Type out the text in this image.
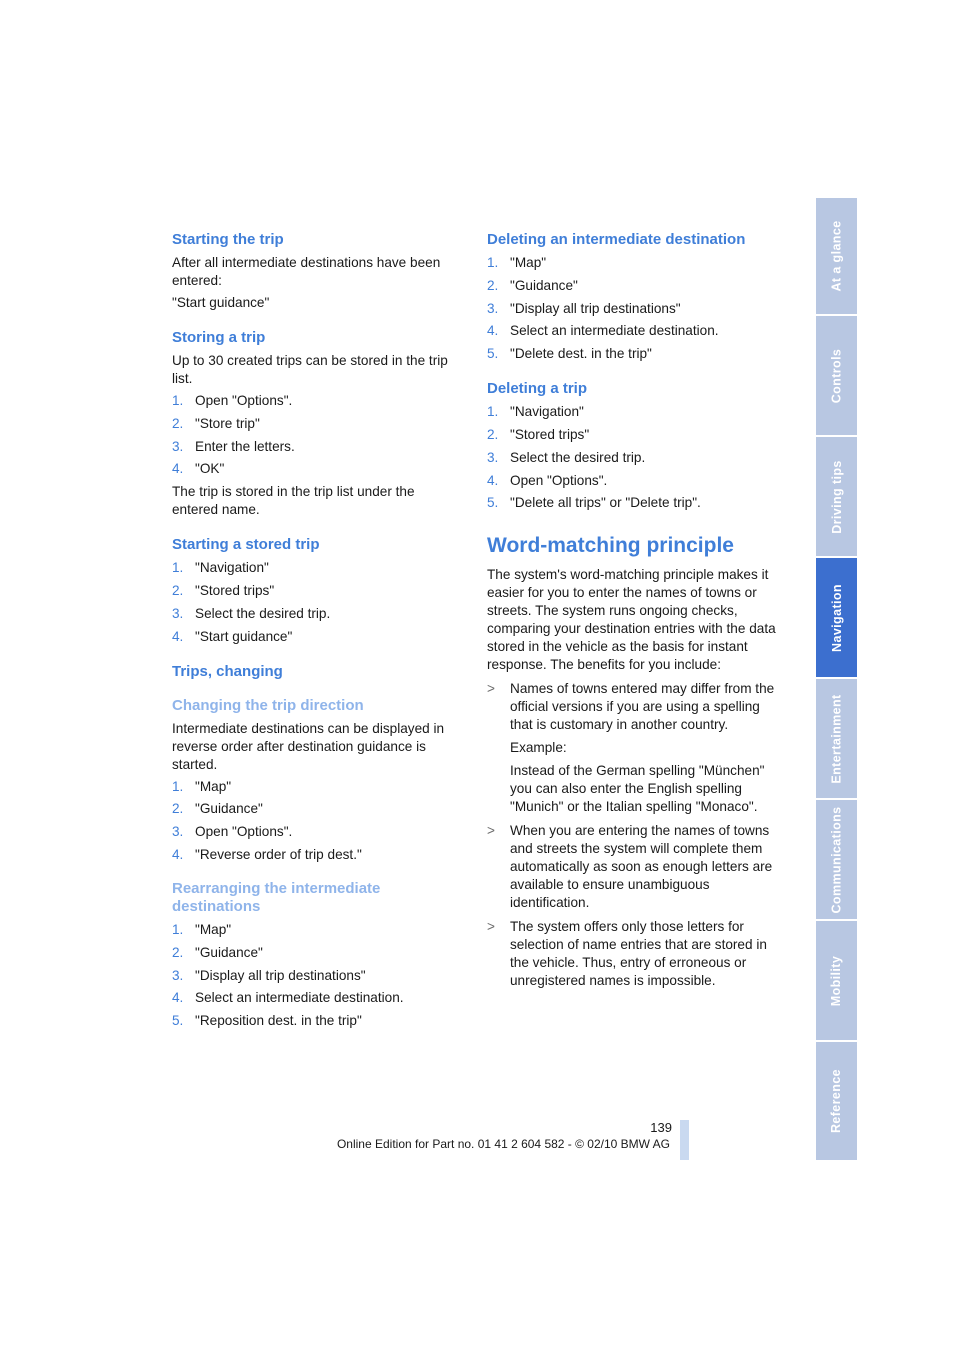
Starting the trip

After all intermediate destinations have been entered:

"Start guidance"

Storing a trip

Up to 30 created trips can be stored in the trip list.

1. Open "Options".
2. "Store trip"
3. Enter the letters.
4. "OK"

The trip is stored in the trip list under the entered name.

Starting a stored trip
1. "Navigation"
2. "Stored trips"
3. Select the desired trip.
4. "Start guidance"
Trips, changing
Changing the trip direction

Intermediate destinations can be displayed in reverse order after destination guidance is started.

1. "Map"
2. "Guidance"
3. Open "Options".
4. "Reverse order of trip dest."
Rearranging the intermediate
destinations
1. "Map"
2. "Guidance"
3. "Display all trip destinations"
4. Select an intermediate destination.
5. "Reposition dest. in the trip"
Deleting an intermediate destination
1. "Map"
2. "Guidance"
3. "Display all trip destinations"
4. Select an intermediate destination.
5. "Delete dest. in the trip"
Deleting a trip
1. "Navigation"
2. "Stored trips"
3. Select the desired trip.
4. Open "Options".
5. "Delete all trips" or "Delete trip".
Word-matching principle

The system's word-matching principle makes it easier for you to enter the names of towns or streets. The system runs ongoing checks, comparing your destination entries with the data stored in the vehicle as the basis for instant response. The benefits for you include:

> Names of towns entered may differ from the official versions if you are using a spelling that is customary in another country.
Example:
Instead of the German spelling "München" you can also enter the English spelling "Munich" or the Italian spelling "Monaco".
> When you are entering the names of towns and streets the system will complete them automatically as soon as enough letters are available to ensure unambiguous identification.
> The system offers only those letters for selection of name entries that are stored in the vehicle. Thus, entry of erroneous or unregistered names is impossible.
At a glance
Controls
Driving tips
Navigation
Entertainment
Communications
Mobility
Reference
139
Online Edition for Part no. 01 41 2 604 582 - © 02/10 BMW AG
